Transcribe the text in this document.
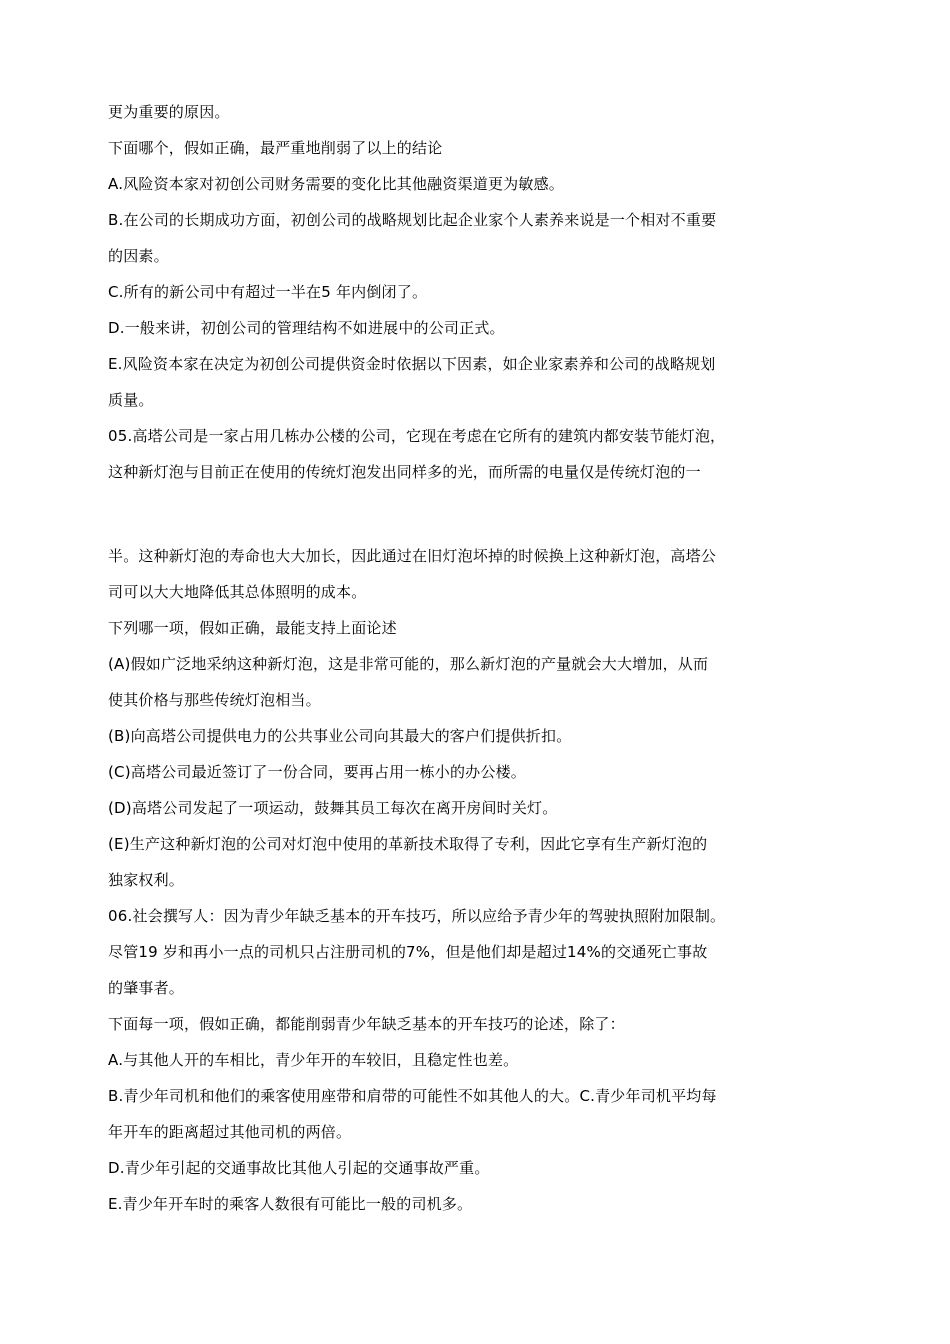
更为重要的原因。
下面哪个，假如正确，最严重地削弱了以上的结论
A.风险资本家对初创公司财务需要的变化比其他融资渠道更为敏感。
B.在公司的长期成功方面，初创公司的战略规划比起企业家个人素养来说是一个相对不重要
的因素。
C.所有的新公司中有超过一半在5 年内倒闭了。
D.一般来讲，初创公司的管理结构不如进展中的公司正式。
E.风险资本家在决定为初创公司提供资金时依据以下因素，如企业家素养和公司的战略规划
质量。
05.高塔公司是一家占用几栋办公楼的公司，它现在考虑在它所有的建筑内都安装节能灯泡，
这种新灯泡与目前正在使用的传统灯泡发出同样多的光，而所需的电量仅是传统灯泡的一
半。这种新灯泡的寿命也大大加长，因此通过在旧灯泡坏掉的时候换上这种新灯泡，高塔公
司可以大大地降低其总体照明的成本。
下列哪一项，假如正确，最能支持上面论述
(A)假如广泛地采纳这种新灯泡，这是非常可能的，那么新灯泡的产量就会大大增加，从而
使其价格与那些传统灯泡相当。
(B)向高塔公司提供电力的公共事业公司向其最大的客户们提供折扣。
(C)高塔公司最近签订了一份合同，要再占用一栋小的办公楼。
(D)高塔公司发起了一项运动，鼓舞其员工每次在离开房间时关灯。
(E)生产这种新灯泡的公司对灯泡中使用的革新技术取得了专利，因此它享有生产新灯泡的
独家权利。
06.社会撰写人：因为青少年缺乏基本的开车技巧，所以应给予青少年的驾驶执照附加限制。
尽管19 岁和再小一点的司机只占注册司机的7%，但是他们却是超过14%的交通死亡事故
的肇事者。
下面每一项，假如正确，都能削弱青少年缺乏基本的开车技巧的论述，除了：
A.与其他人开的车相比，青少年开的车较旧，且稳定性也差。
B.青少年司机和他们的乘客使用座带和肩带的可能性不如其他人的大。C.青少年司机平均每
年开车的距离超过其他司机的两倍。
D.青少年引起的交通事故比其他人引起的交通事故严重。
E.青少年开车时的乘客人数很有可能比一般的司机多。
